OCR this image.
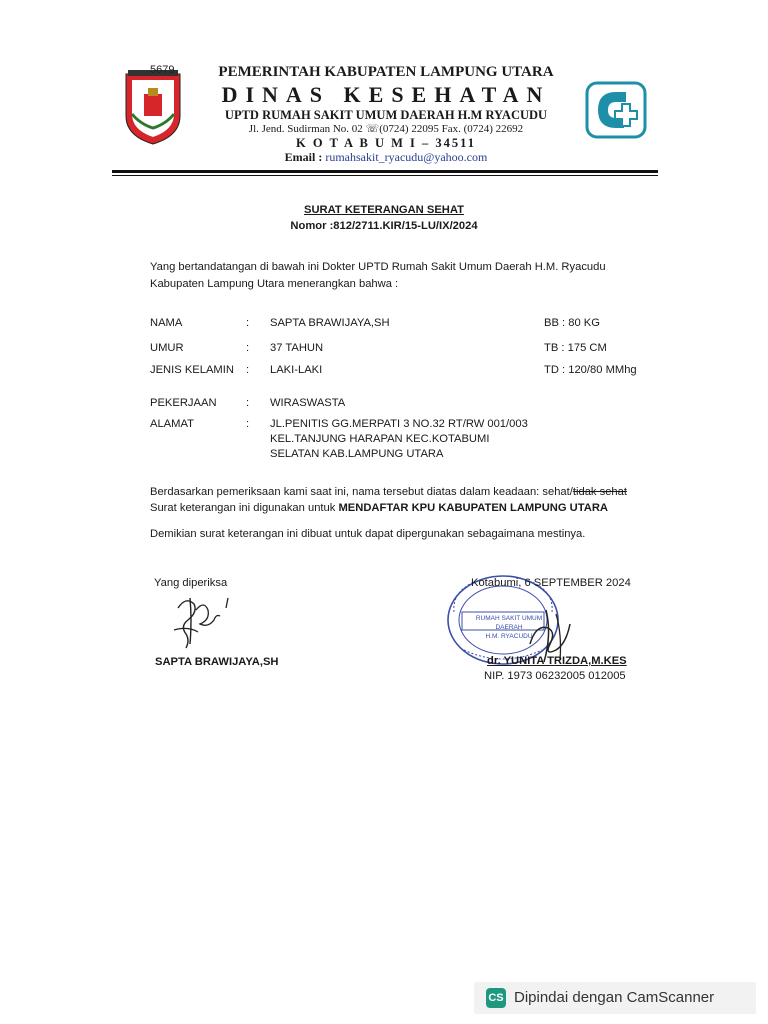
5679	PEMERINTAH KABUPATEN LAMPUNG UTARA
DINAS KESEHATAN
UPTD RUMAH SAKIT UMUM DAERAH H.M RYACUDU
Jl. Jend. Sudirman No. 02 ☏(0724) 22095 Fax. (0724) 22692
K O T A B U M I – 34511
Email : rumahsakit_ryacudu@yahoo.com
SURAT KETERANGAN SEHAT
Nomor :812/2711.KIR/15-LU/IX/2024
Yang bertandatangan di bawah ini Dokter UPTD Rumah Sakit Umum Daerah H.M. Ryacudu Kabupaten Lampung Utara menerangkan bahwa :
NAMA	: SAPTA BRAWIJAYA,SH	BB : 80 KG
UMUR	: 37 TAHUN	TB : 175 CM
JENIS KELAMIN : LAKI-LAKI	TD : 120/80 MMhg
PEKERJAAN	: WIRASWASTA
ALAMAT	: JL.PENITIS GG.MERPATI 3 NO.32 RT/RW 001/003
KEL.TANJUNG HARAPAN KEC.KOTABUMI
SELATAN KAB.LAMPUNG UTARA
Berdasarkan pemeriksaan kami saat ini, nama tersebut diatas dalam keadaan: sehat/tidak sehat
Surat keterangan ini digunakan untuk MENDAFTAR KPU KABUPATEN LAMPUNG UTARA
Demikian surat keterangan ini dibuat untuk dapat dipergunakan sebagaimana mestinya.
Yang diperiksa
SAPTA BRAWIJAYA,SH
RUMAH SAKIT UMUM DAERAH
H.M. RYACUDU
Kotabumi, 6 SEPTEMBER 2024
dr. YUNITA TRIZDA,M.KES
NIP. 1973 06232005 012005
CS Dipindai dengan CamScanner
